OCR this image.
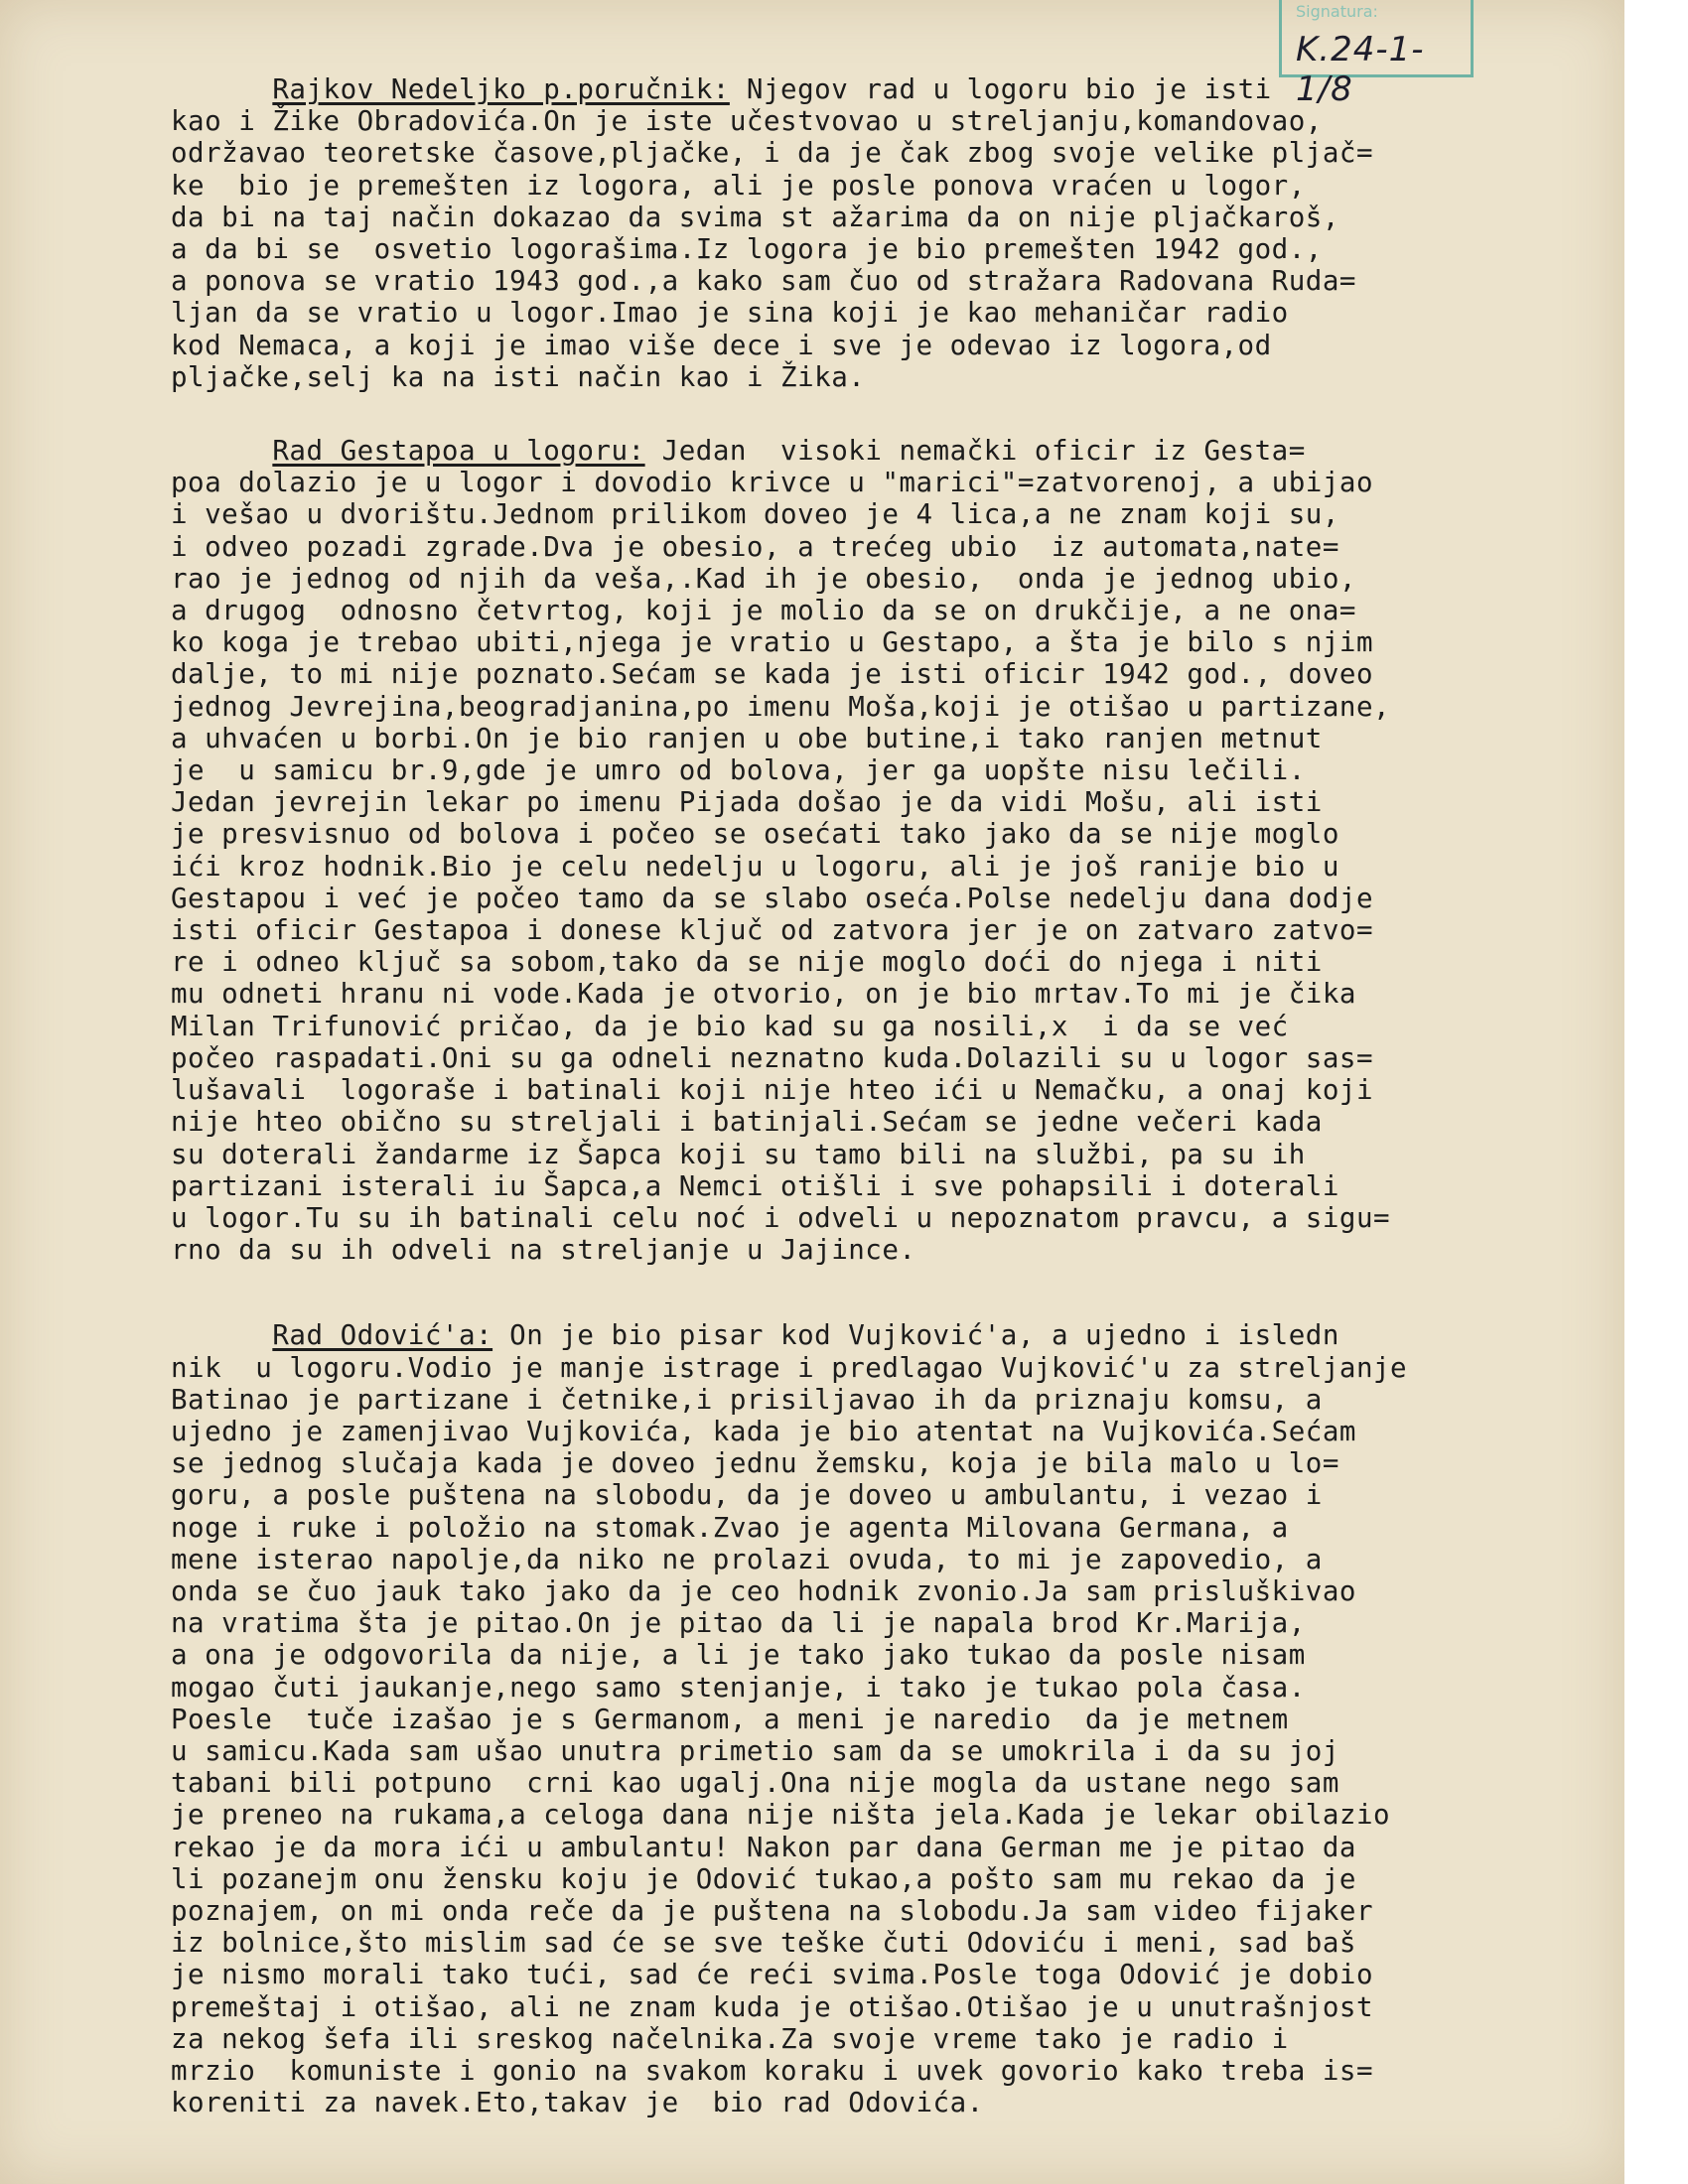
Signatura:
K.24-1-1/8
Rajkov Nedeljko p.poručnik: Njegov rad u logoru bio je isti
kao i Žike Obradovića.On je iste učestvovao u streljanju,komandovao,
održavao teoretske časove,pljačke, i da je čak zbog svoje velike pljač=
ke  bio je premešten iz logora, ali je posle ponova vraćen u logor,
da bi na taj način dokazao da svima st ažarima da on nije pljačkaroš,
a da bi se  osvetio logorašima.Iz logora je bio premešten 1942 god.,
a ponova se vratio 1943 god.,a kako sam čuo od stražara Radovana Ruda=
ljan da se vratio u logor.Imao je sina koji je kao mehaničar radio
kod Nemaca, a koji je imao više dece i sve je odevao iz logora,od
pljačke,selj ka na isti način kao i Žika.
Rad Gestapoa u logoru: Jedan  visoki nemački oficir iz Gesta=
poa dolazio je u logor i dovodio krivce u "marici"=zatvorenoj, a ubijao
i vešao u dvorištu.Jednom prilikom doveo je 4 lica,a ne znam koji su,
i odveo pozadi zgrade.Dva je obesio, a trećeg ubio  iz automata,nate=
rao je jednog od njih da veša,.Kad ih je obesio,  onda je jednog ubio,
a drugog  odnosno četvrtog, koji je molio da se on drukčije, a ne ona=
ko koga je trebao ubiti,njega je vratio u Gestapo, a šta je bilo s njim
dalje, to mi nije poznato.Sećam se kada je isti oficir 1942 god., doveo
jednog Jevrejina,beogradjanina,po imenu Moša,koji je otišao u partizane,
a uhvaćen u borbi.On je bio ranjen u obe butine,i tako ranjen metnut
je  u samicu br.9,gde je umro od bolova, jer ga uopšte nisu lečili.
Jedan jevrejin lekar po imenu Pijada došao je da vidi Mošu, ali isti
je presvisnuo od bolova i počeo se osećati tako jako da se nije moglo
ići kroz hodnik.Bio je celu nedelju u logoru, ali je još ranije bio u
Gestapou i već je počeo tamo da se slabo oseća.Polse nedelju dana dodje
isti oficir Gestapoa i donese ključ od zatvora jer je on zatvaro zatvo=
re i odneo ključ sa sobom,tako da se nije moglo doći do njega i niti
mu odneti hranu ni vode.Kada je otvorio, on je bio mrtav.To mi je čika
Milan Trifunović pričao, da je bio kad su ga nosili,x  i da se već
počeo raspadati.Oni su ga odneli neznatno kuda.Dolazili su u logor sas=
lušavali  logoraše i batinali koji nije hteo ići u Nemačku, a onaj koji
nije hteo obično su streljali i batinjali.Sećam se jedne večeri kada
su doterali žandarme iz Šapca koji su tamo bili na službi, pa su ih
partizani isterali iu Šapca,a Nemci otišli i sve pohapsili i doterali
u logor.Tu su ih batinali celu noć i odveli u nepoznatom pravcu, a sigu=
rno da su ih odveli na streljanje u Jajince.
Rad Odović'a: On je bio pisar kod Vujković'a, a ujedno i isledn
nik  u logoru.Vodio je manje istrage i predlagao Vujković'u za streljanje
Batinao je partizane i četnike,i prisiljavao ih da priznaju komsu, a
ujedno je zamenjivao Vujkovića, kada je bio atentat na Vujkovića.Sećam
se jednog slučaja kada je doveo jednu žemsku, koja je bila malo u lo=
goru, a posle puštena na slobodu, da je doveo u ambulantu, i vezao i
noge i ruke i položio na stomak.Zvao je agenta Milovana Germana, a
mene isterao napolje,da niko ne prolazi ovuda, to mi je zapovedio, a
onda se čuo jauk tako jako da je ceo hodnik zvonio.Ja sam prisluškivao
na vratima šta je pitao.On je pitao da li je napala brod Kr.Marija,
a ona je odgovorila da nije, a li je tako jako tukao da posle nisam
mogao čuti jaukanje,nego samo stenjanje, i tako je tukao pola časa.
Poesle  tuče izašao je s Germanom, a meni je naredio  da je metnem
u samicu.Kada sam ušao unutra primetio sam da se umokrila i da su joj
tabani bili potpuno  crni kao ugalj.Ona nije mogla da ustane nego sam
je preneo na rukama,a celoga dana nije ništa jela.Kada je lekar obilazio
rekao je da mora ići u ambulantu! Nakon par dana German me je pitao da
li pozanejm onu žensku koju je Odović tukao,a pošto sam mu rekao da je
poznajem, on mi onda reče da je puštena na slobodu.Ja sam video fijaker
iz bolnice,što mislim sad će se sve teške čuti Odoviću i meni, sad baš
je nismo morali tako tući, sad će reći svima.Posle toga Odović je dobio
premeštaj i otišao, ali ne znam kuda je otišao.Otišao je u unutrašnjost
za nekog šefa ili sreskog načelnika.Za svoje vreme tako je radio i
mrzio  komuniste i gonio na svakom koraku i uvek govorio kako treba is=
koreniti za navek.Eto,takav je  bio rad Odovića.
